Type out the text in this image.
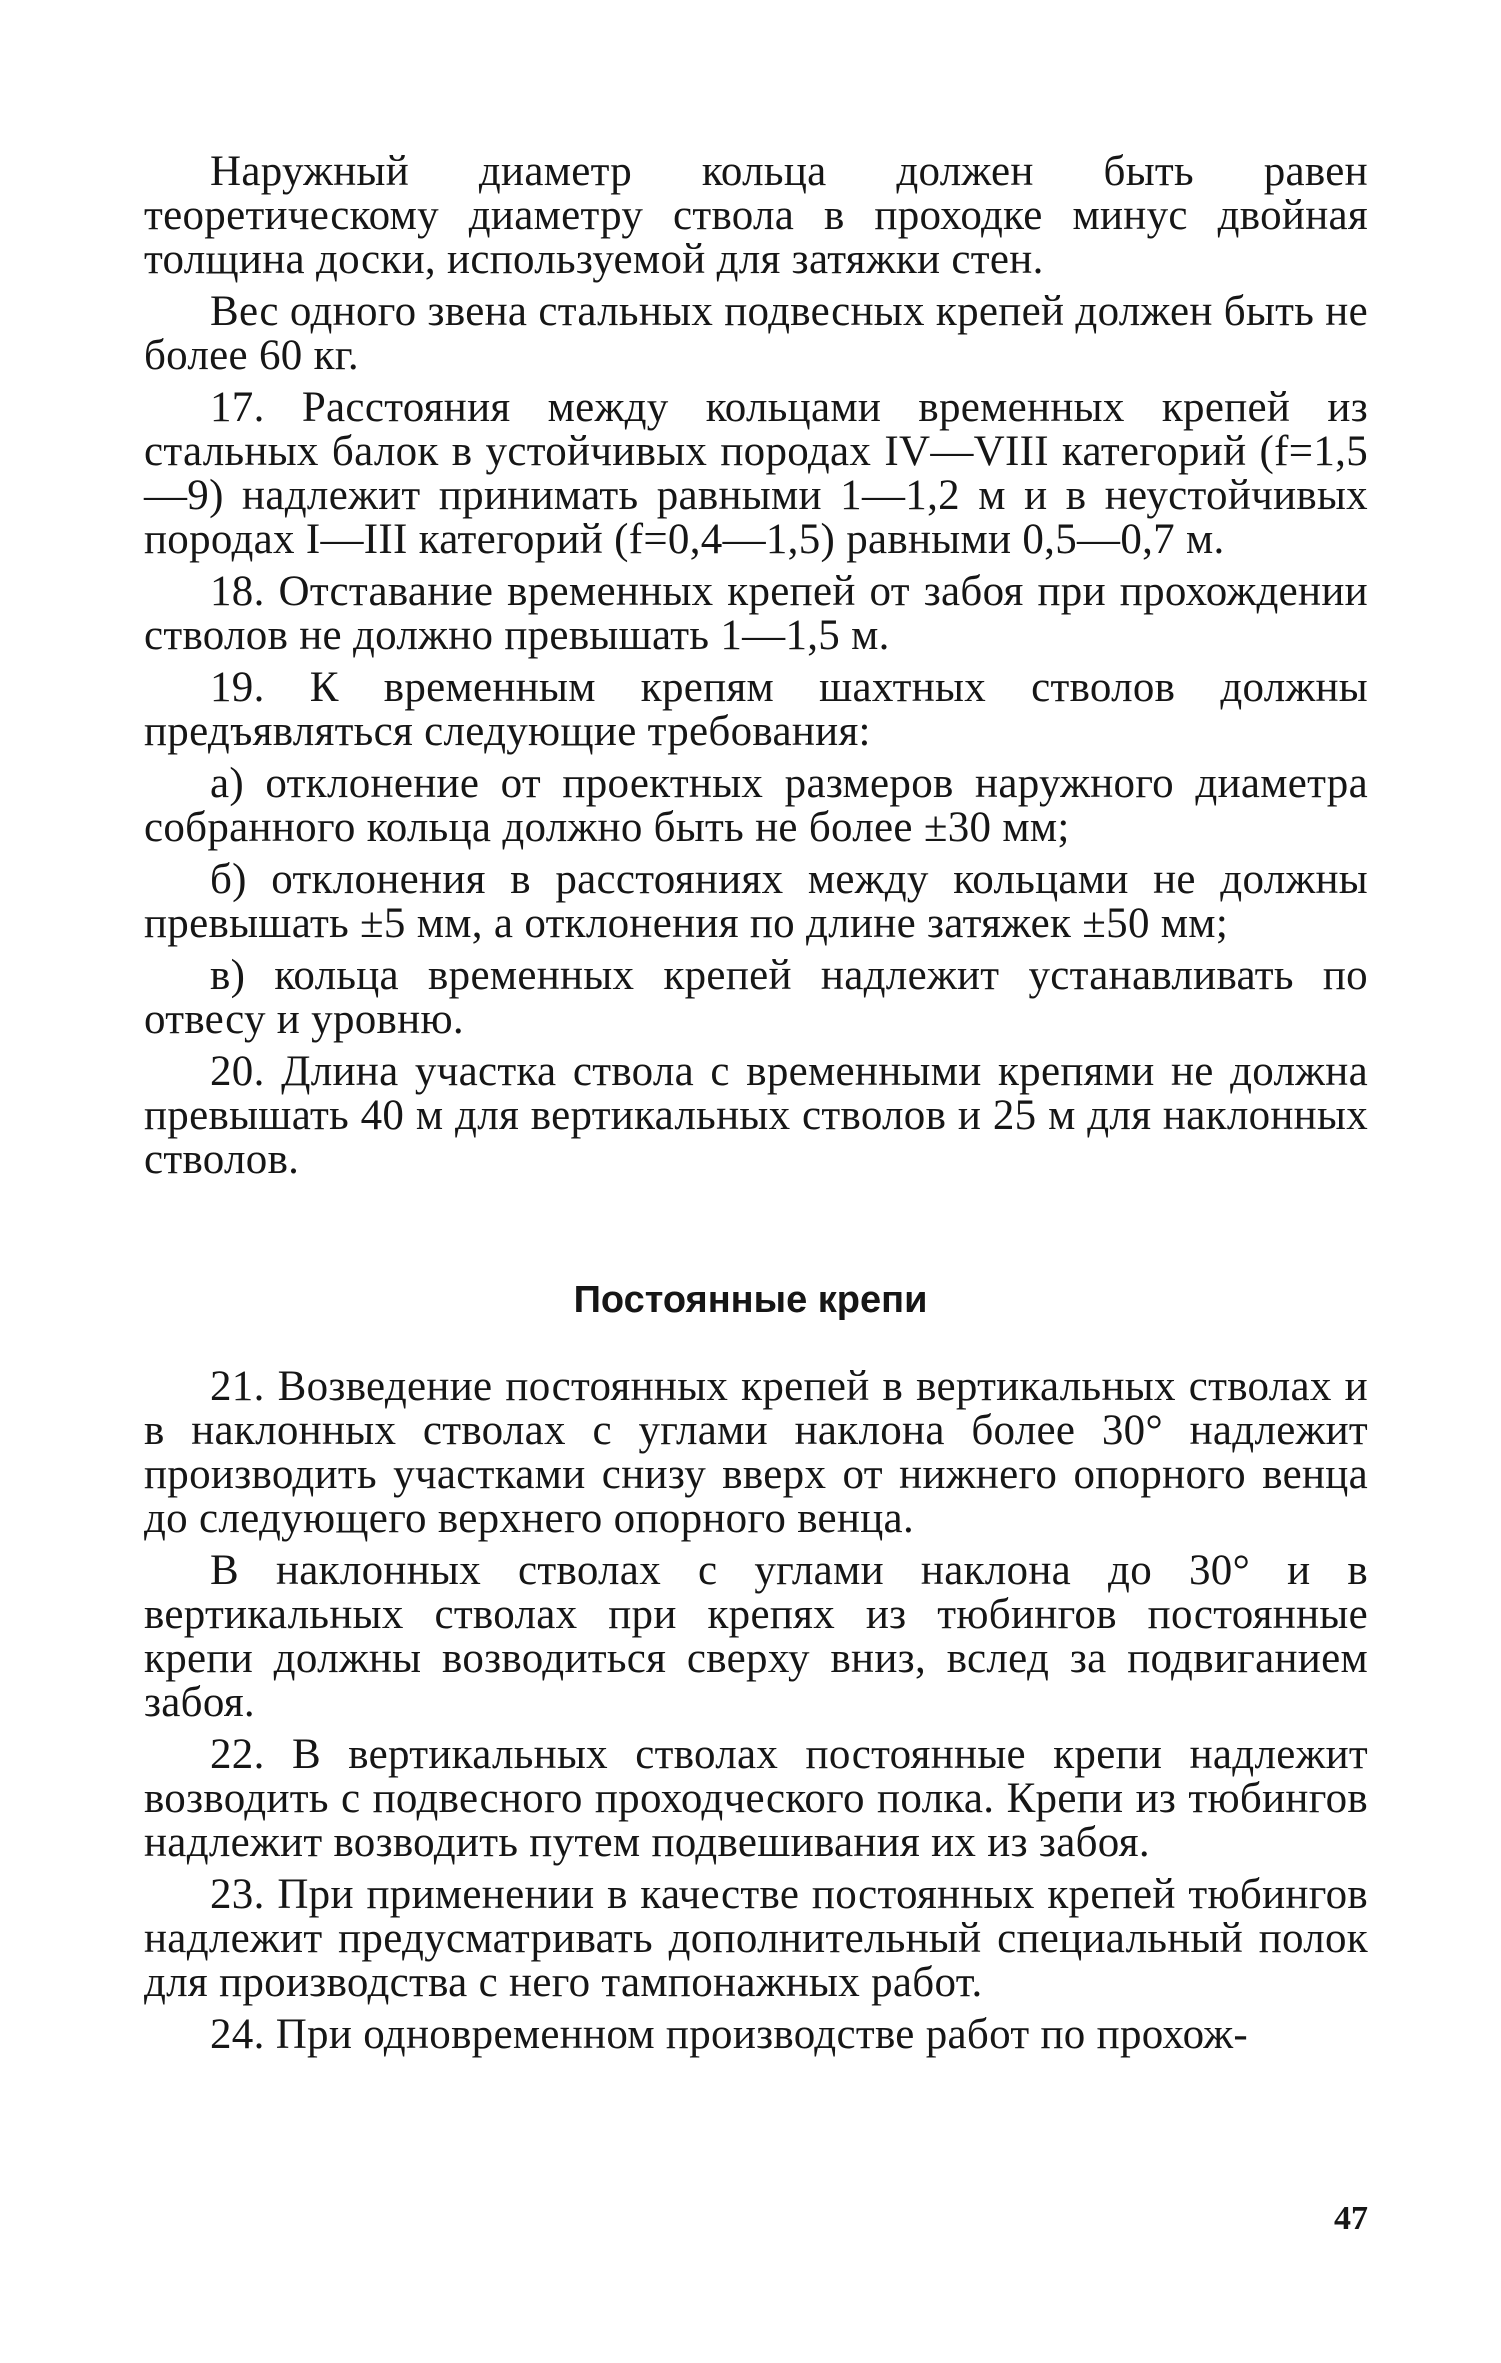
Наружный диаметр кольца должен быть равен теоретическому диаметру ствола в проходке минус двойная толщина доски, используемой для затяжки стен.

Вес одного звена стальных подвесных крепей должен быть не более 60 кг.

17. Расстояния между кольцами временных крепей из стальных балок в устойчивых породах IV—VIII категорий (f=1,5—9) надлежит принимать равными 1—1,2 м и в неустойчивых породах I—III категорий (f=0,4—1,5) равными 0,5—0,7 м.

18. Отставание временных крепей от забоя при прохождении стволов не должно превышать 1—1,5 м.

19. К временным крепям шахтных стволов должны предъявляться следующие требования:

а) отклонение от проектных размеров наружного диаметра собранного кольца должно быть не более ±30 мм;

б) отклонения в расстояниях между кольцами не должны превышать ±5 мм, а отклонения по длине затяжек ±50 мм;

в) кольца временных крепей надлежит устанавливать по отвесу и уровню.

20. Длина участка ствола с временными крепями не должна превышать 40 м для вертикальных стволов и 25 м для наклонных стволов.

Постоянные крепи

21. Возведение постоянных крепей в вертикальных стволах и в наклонных стволах с углами наклона более 30° надлежит производить участками снизу вверх от нижнего опорного венца до следующего верхнего опорного венца.

В наклонных стволах с углами наклона до 30° и в вертикальных стволах при крепях из тюбингов постоянные крепи должны возводиться сверху вниз, вслед за подвиганием забоя.

22. В вертикальных стволах постоянные крепи надлежит возводить с подвесного проходческого полка. Крепи из тюбингов надлежит возводить путем подвешивания их из забоя.

23. При применении в качестве постоянных крепей тюбингов надлежит предусматривать дополнительный специальный полок для производства с него тампонажных работ.

24. При одновременном производстве работ по прохож-

47
